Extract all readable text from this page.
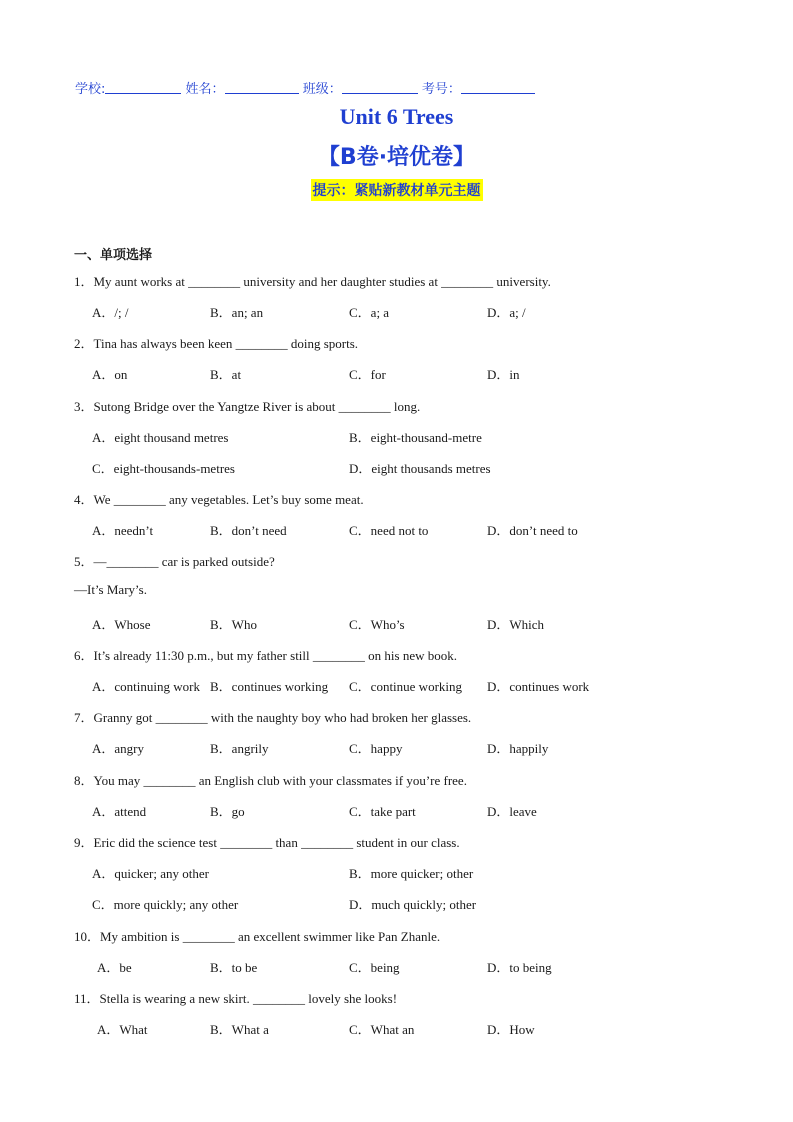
学校:	姓名：	班级：	考号：
Unit 6 Trees
【B卷·培优卷】
提示：紧贴新教材单元主题
一、单项选择
1．My aunt works at ________ university and her daughter studies at ________ university.
A．/; /	B．an; an	C．a; a	D．a; /
2．Tina has always been keen ________ doing sports.
A．on	B．at	C．for	D．in
3．Sutong Bridge over the Yangtze River is about ________ long.
A．eight thousand metres	B．eight-thousand-metre
C．eight-thousands-metres	D．eight thousands metres
4．We ________ any vegetables. Let’s buy some meat.
A．needn’t	B．don’t need	C．need not to	D．don’t need to
5．—________ car is parked outside?
—It’s Mary’s.
A．Whose	B．Who	C．Who’s	D．Which
6．It’s already 11:30 p.m., but my father still ________ on his new book.
A．continuing work B．continues working C．continue working D．continues work
7．Granny got ________ with the naughty boy who had broken her glasses.
A．angry	B．angrily	C．happy	D．happily
8．You may ________ an English club with your classmates if you’re free.
A．attend	B．go	C．take part	D．leave
9．Eric did the science test ________ than ________ student in our class.
A．quicker; any other	B．more quicker; other
C．more quickly; any other	D．much quickly; other
10．My ambition is ________ an excellent swimmer like Pan Zhanle.
A．be	B．to be	C．being	D．to being
11．Stella is wearing a new skirt. ________ lovely she looks!
A．What	B．What a	C．What an	D．How
